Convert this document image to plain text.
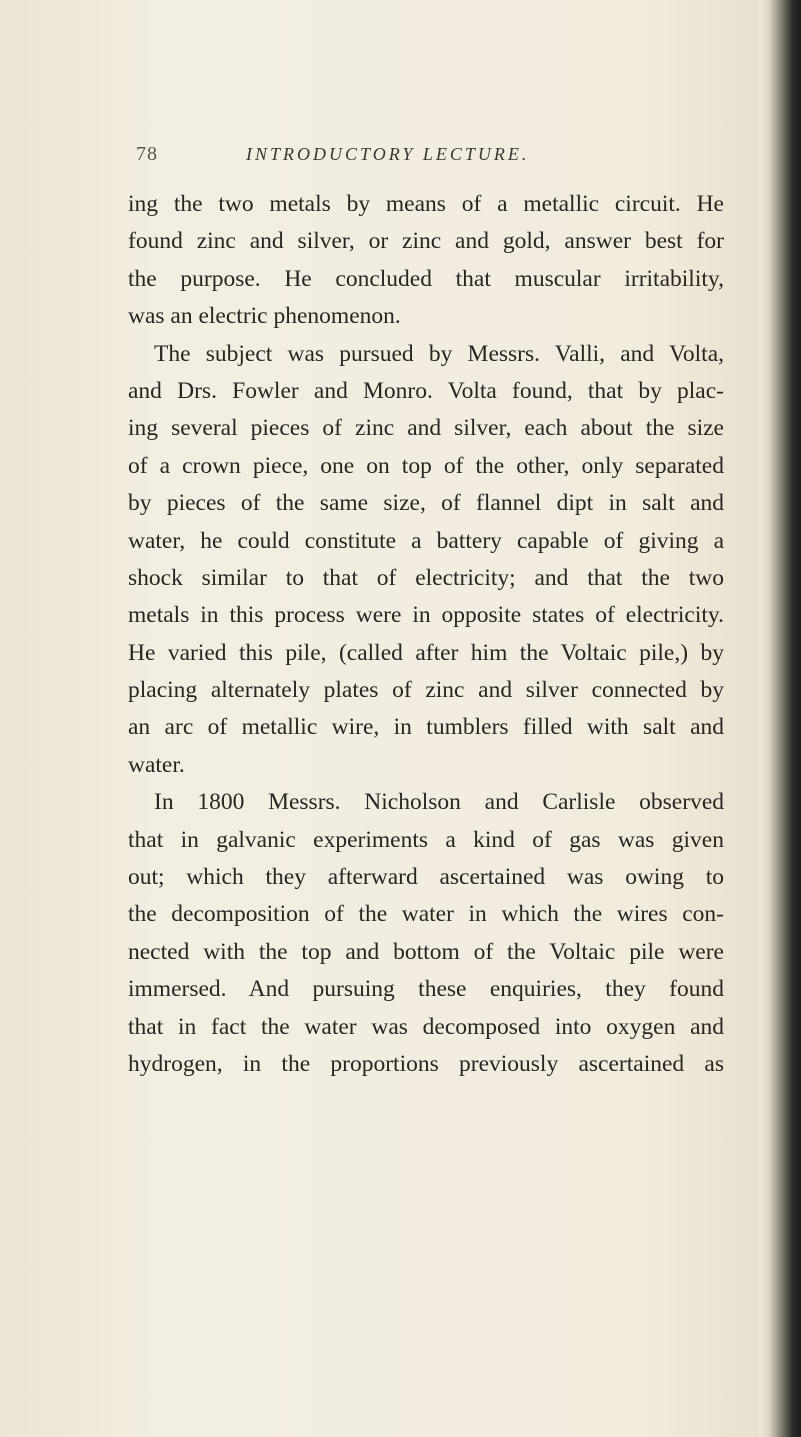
78	INTRODUCTORY LECTURE.
ing the two metals by means of a metallic circuit. He
found zinc and silver, or zinc and gold, answer best for
the purpose. He concluded that muscular irritability,
was an electric phenomenon.
The subject was pursued by Messrs. Valli, and Volta,
and Drs. Fowler and Monro. Volta found, that by plac-
ing several pieces of zinc and silver, each about the size
of a crown piece, one on top of the other, only separated
by pieces of the same size, of flannel dipt in salt and
water, he could constitute a battery capable of giving a
shock similar to that of electricity; and that the two
metals in this process were in opposite states of electricity.
He varied this pile, (called after him the Voltaic pile,) by
placing alternately plates of zinc and silver connected by
an arc of metallic wire, in tumblers filled with salt and
water.
In 1800 Messrs. Nicholson and Carlisle observed
that in galvanic experiments a kind of gas was given
out; which they afterward ascertained was owing to
the decomposition of the water in which the wires con-
nected with the top and bottom of the Voltaic pile were
immersed. And pursuing these enquiries, they found
that in fact the water was decomposed into oxygen and
hydrogen, in the proportions previously ascertained as
